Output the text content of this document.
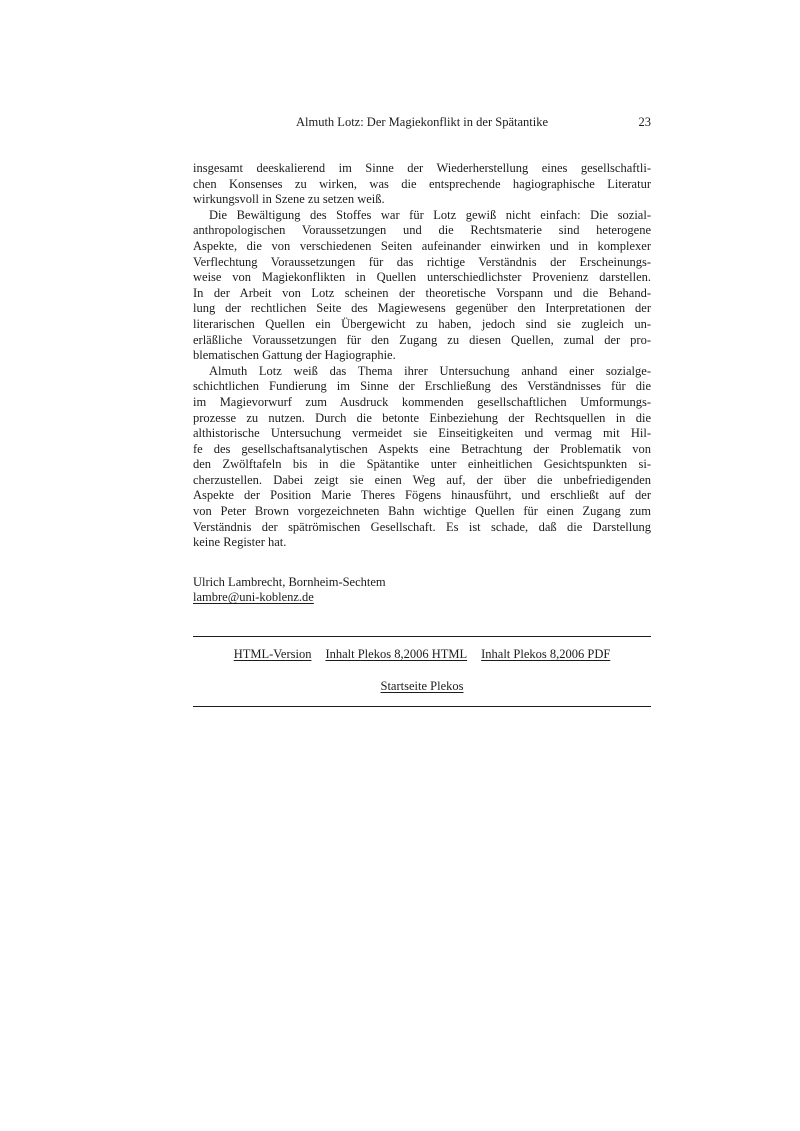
Almuth Lotz: Der Magiekonflikt in der Spätantike	23
insgesamt deeskalierend im Sinne der Wiederherstellung eines gesellschaftli-
chen Konsenses zu wirken, was die entsprechende hagiographische Literatur
wirkungsvoll in Szene zu setzen weiß.
Die Bewältigung des Stoffes war für Lotz gewiß nicht einfach: Die sozial-
anthropologischen Voraussetzungen und die Rechtsmaterie sind heterogene
Aspekte, die von verschiedenen Seiten aufeinander einwirken und in komplexer
Verflechtung Voraussetzungen für das richtige Verständnis der Erscheinungs-
weise von Magiekonflikten in Quellen unterschiedlichster Provenienz darstellen.
In der Arbeit von Lotz scheinen der theoretische Vorspann und die Behand-
lung der rechtlichen Seite des Magiewesens gegenüber den Interpretationen der
literarischen Quellen ein Übergewicht zu haben, jedoch sind sie zugleich un-
erläßliche Voraussetzungen für den Zugang zu diesen Quellen, zumal der pro-
blematischen Gattung der Hagiographie.
Almuth Lotz weiß das Thema ihrer Untersuchung anhand einer sozialge-
schichtlichen Fundierung im Sinne der Erschließung des Verständnisses für die
im Magievorwurf zum Ausdruck kommenden gesellschaftlichen Umformungs-
prozesse zu nutzen. Durch die betonte Einbeziehung der Rechtsquellen in die
althistorische Untersuchung vermeidet sie Einseitigkeiten und vermag mit Hil-
fe des gesellschaftsanalytischen Aspekts eine Betrachtung der Problematik von
den Zwölftafeln bis in die Spätantike unter einheitlichen Gesichtspunkten si-
cherzustellen. Dabei zeigt sie einen Weg auf, der über die unbefriedigenden
Aspekte der Position Marie Theres Fögens hinausführt, und erschließt auf der
von Peter Brown vorgezeichneten Bahn wichtige Quellen für einen Zugang zum
Verständnis der spätrömischen Gesellschaft. Es ist schade, daß die Darstellung
keine Register hat.
Ulrich Lambrecht, Bornheim-Sechtem
lambre@uni-koblenz.de
HTML-Version Inhalt Plekos 8,2006 HTML Inhalt Plekos 8,2006 PDF
Startseite Plekos
